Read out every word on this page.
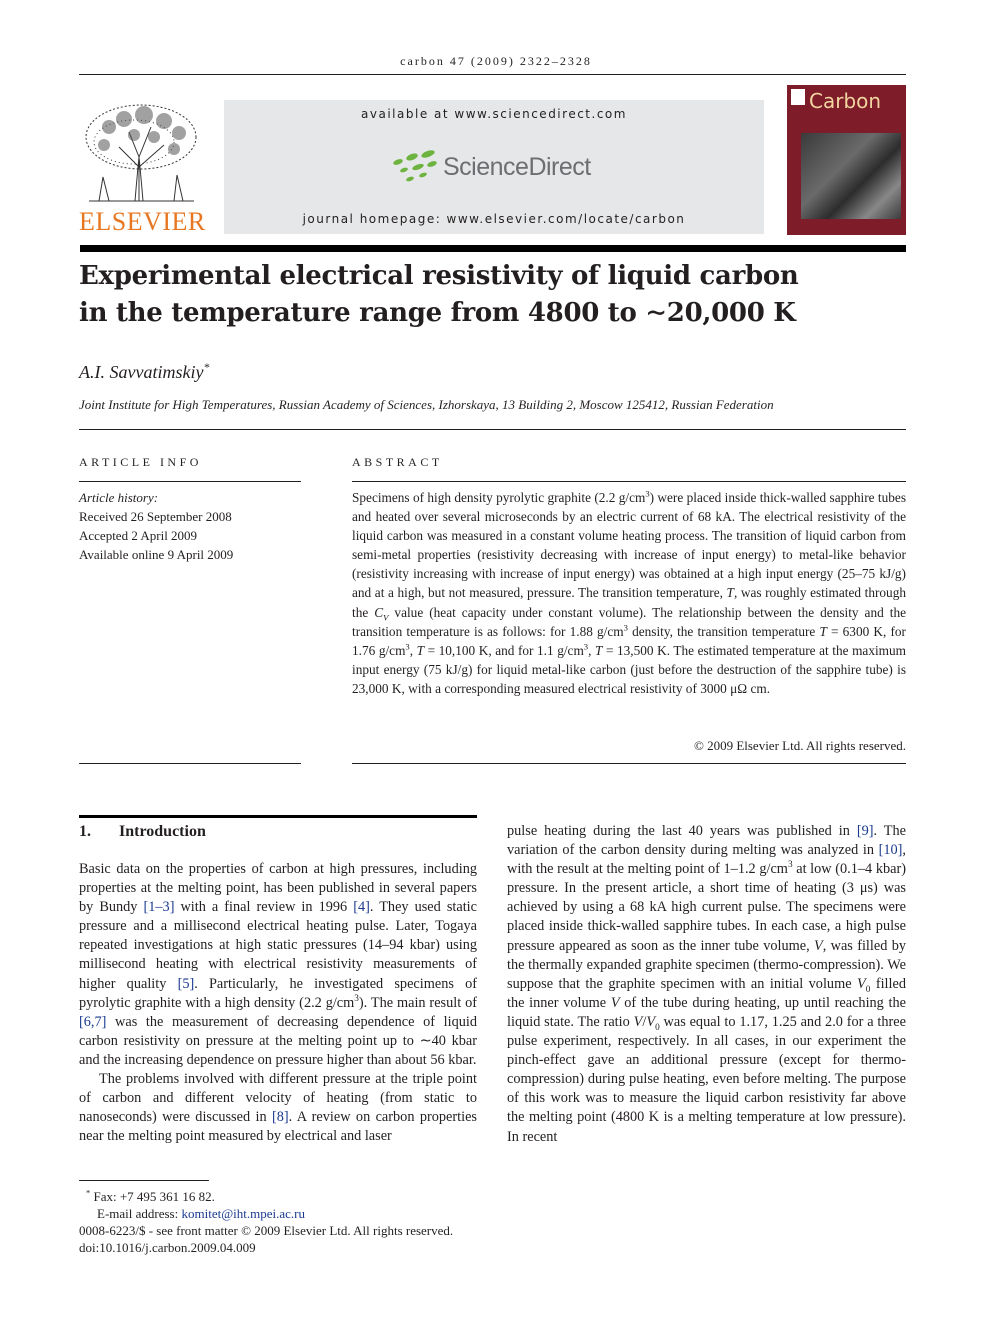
carbon 47 (2009) 2322–2328
ELSEVIER
available at www.sciencedirect.com
ScienceDirect
journal homepage: www.elsevier.com/locate/carbon
Carbon
Experimental electrical resistivity of liquid carbon
in the temperature range from 4800 to ∼20,000 K
A.I. Savvatimskiy*
Joint Institute for High Temperatures, Russian Academy of Sciences, Izhorskaya, 13 Building 2, Moscow 125412, Russian Federation
ARTICLE INFO
Article history:
Received 26 September 2008
Accepted 2 April 2009
Available online 9 April 2009
ABSTRACT
Specimens of high density pyrolytic graphite (2.2 $g/cm^3$) were placed inside thick-walled sapphire tubes and heated over several microseconds by an electric current of 68 kA. The electrical resistivity of the liquid carbon was measured in a constant volume heating process. The transition of liquid carbon from semi-metal properties (resistivity decreasing with increase of input energy) to metal-like behavior (resistivity increasing with increase of input energy) was obtained at a high input energy (25–75 kJ/g) and at a high, but not measured, pressure. The transition temperature, T, was roughly estimated through the $C_V$ value (heat capacity under constant volume). The relationship between the density and the transition temperature is as follows: for 1.88 $g/cm^3$ density, the transition temperature T = 6300 K, for 1.76 $g/cm^3$, T = 10,100 K, and for 1.1 $g/cm^3$, T = 13,500 K. The estimated temperature at the maximum input energy (75 kJ/g) for liquid metal-like carbon (just before the destruction of the sapphire tube) is 23,000 K, with a corresponding measured electrical resistivity of 3000 μΩ cm.
© 2009 Elsevier Ltd. All rights reserved.
1. Introduction

Basic data on the properties of carbon at high pressures, including properties at the melting point, has been published in several papers by Bundy [1–3] with a final review in 1996 [4]. They used static pressure and a millisecond electrical heating pulse. Later, Togaya repeated investigations at high static pressures (14–94 kbar) using millisecond heating with electrical resistivity measurements of higher quality [5]. Particularly, he investigated specimens of pyrolytic graphite with a high density (2.2 $g/cm^3$). The main result of [6,7] was the measurement of decreasing dependence of liquid carbon resistivity on pressure at the melting point up to ∼40 kbar and the increasing dependence on pressure higher than about 56 kbar.

The problems involved with different pressure at the triple point of carbon and different velocity of heating (from static to nanoseconds) were discussed in [8]. A review on carbon properties near the melting point measured by electrical and laser

pulse heating during the last 40 years was published in [9]. The variation of the carbon density during melting was analyzed in [10], with the result at the melting point of 1–1.2 $g/cm^3$ at low (0.1–4 kbar) pressure. In the present article, a short time of heating (3 μs) was achieved by using a 68 kA high current pulse. The specimens were placed inside thick-walled sapphire tubes. In each case, a high pulse pressure appeared as soon as the inner tube volume, V, was filled by the thermally expanded graphite specimen (thermo-compression). We suppose that the graphite specimen with an initial volume $V_0$ filled the inner volume V of the tube during heating, up until reaching the liquid state. The ratio $V/V_0$ was equal to 1.17, 1.25 and 2.0 for a three pulse experiment, respectively. In all cases, in our experiment the pinch-effect gave an additional pressure (except for thermo-compression) during pulse heating, even before melting. The purpose of this work was to measure the liquid carbon resistivity far above the melting point (4800 K is a melting temperature at low pressure). In recent

* Fax: +7 495 361 16 82.
E-mail address: komitet@iht.mpei.ac.ru
0008-6223/$ - see front matter © 2009 Elsevier Ltd. All rights reserved.
doi:10.1016/j.carbon.2009.04.009
